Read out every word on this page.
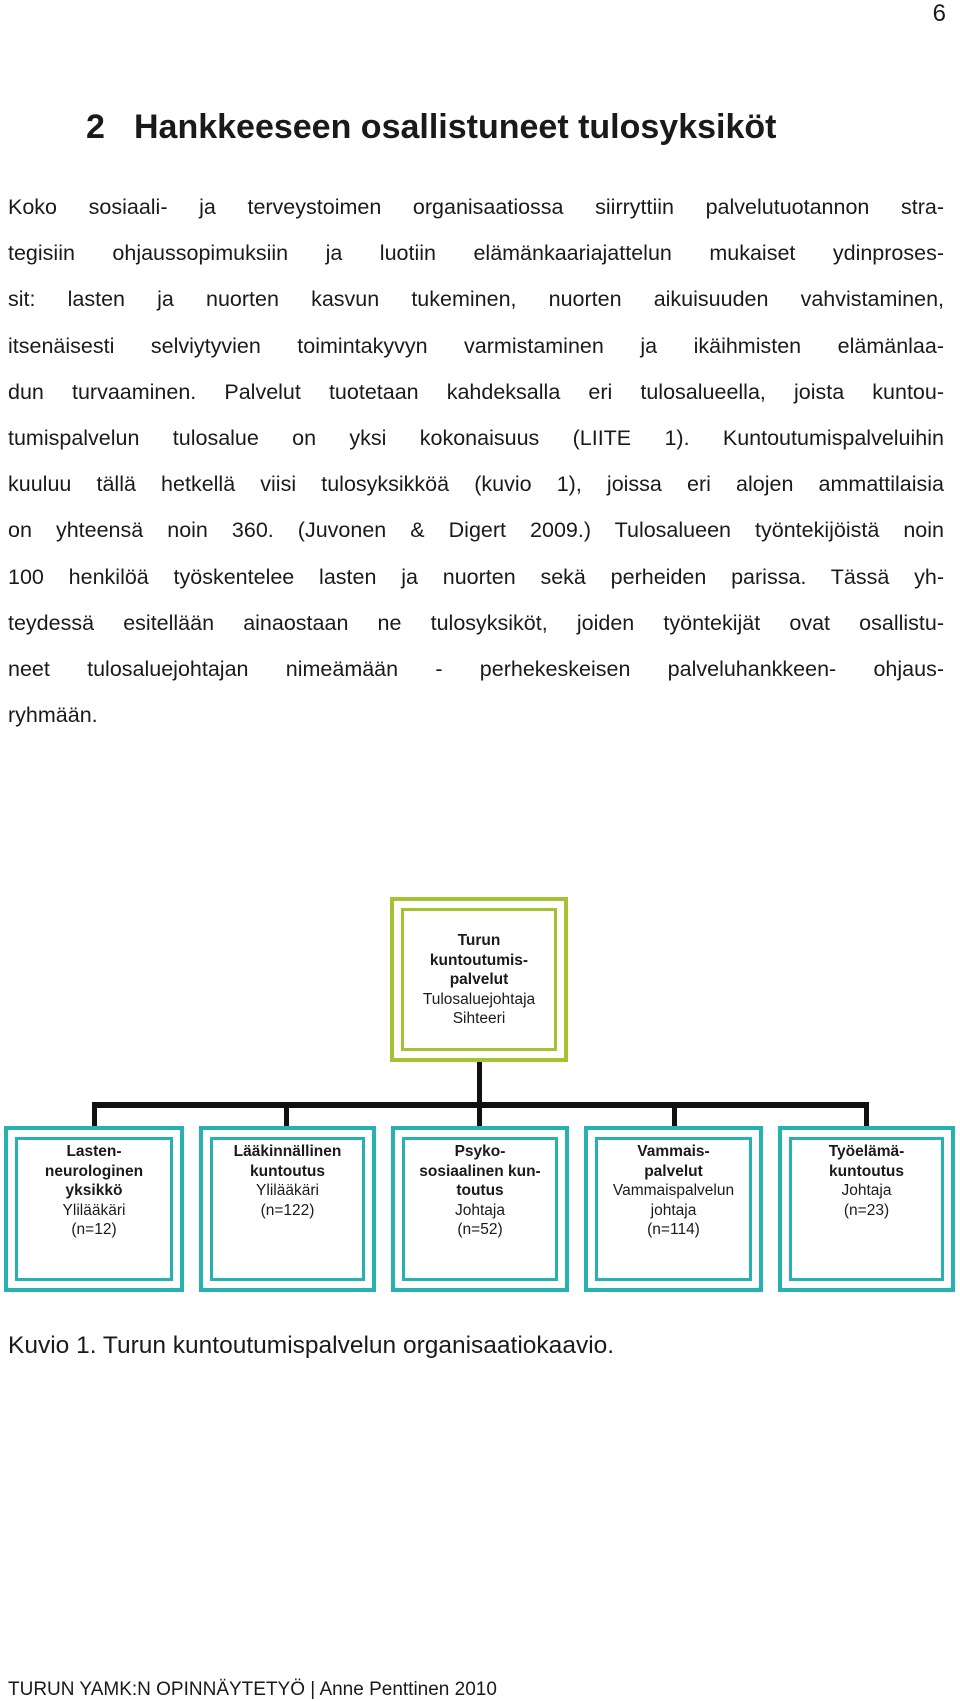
6
2 Hankkeeseen osallistuneet tulosyksiköt

Koko sosiaali- ja terveystoimen organisaatiossa siirryttiin palvelutuotannon stra-
tegisiin ohjaussopimuksiin ja luotiin elämänkaariajattelun mukaiset ydinproses-
sit: lasten ja nuorten kasvun tukeminen, nuorten aikuisuuden vahvistaminen,
itsenäisesti selviytyvien toimintakyvyn varmistaminen ja ikäihmisten elämänlaa-
dun turvaaminen. Palvelut tuotetaan kahdeksalla eri tulosalueella, joista kuntou-
tumispalvelun tulosalue on yksi kokonaisuus (LIITE 1). Kuntoutumispalveluihin
kuuluu tällä hetkellä viisi tulosyksikköä (kuvio 1), joissa eri alojen ammattilaisia
on yhteensä noin 360. (Juvonen & Digert 2009.) Tulosalueen työntekijöistä noin
100 henkilöä työskentelee lasten ja nuorten sekä perheiden parissa. Tässä yh-
teydessä esitellään ainaostaan ne tulosyksiköt, joiden työntekijät ovat osallistu-
neet tulosaluejohtajan nimeämään - perhekeskeisen palveluhankkeen- ohjaus-
ryhmään.

Turun
kuntoutumis-
palvelut
Tulosaluejohtaja
Sihteeri
Lasten-
neurologinen
yksikkö
Ylilääkäri
(n=12)
Lääkinnällinen
kuntoutus
Ylilääkäri
(n=122)
Psyko-
sosiaalinen kun-
toutus
Johtaja
(n=52)
Vammais-
palvelut
Vammaispalvelun
johtaja
(n=114)
Työelämä-
kuntoutus
Johtaja
(n=23)

Kuvio 1. Turun kuntoutumispalvelun organisaatiokaavio.

TURUN YAMK:N OPINNÄYTETYÖ | Anne Penttinen 2010
